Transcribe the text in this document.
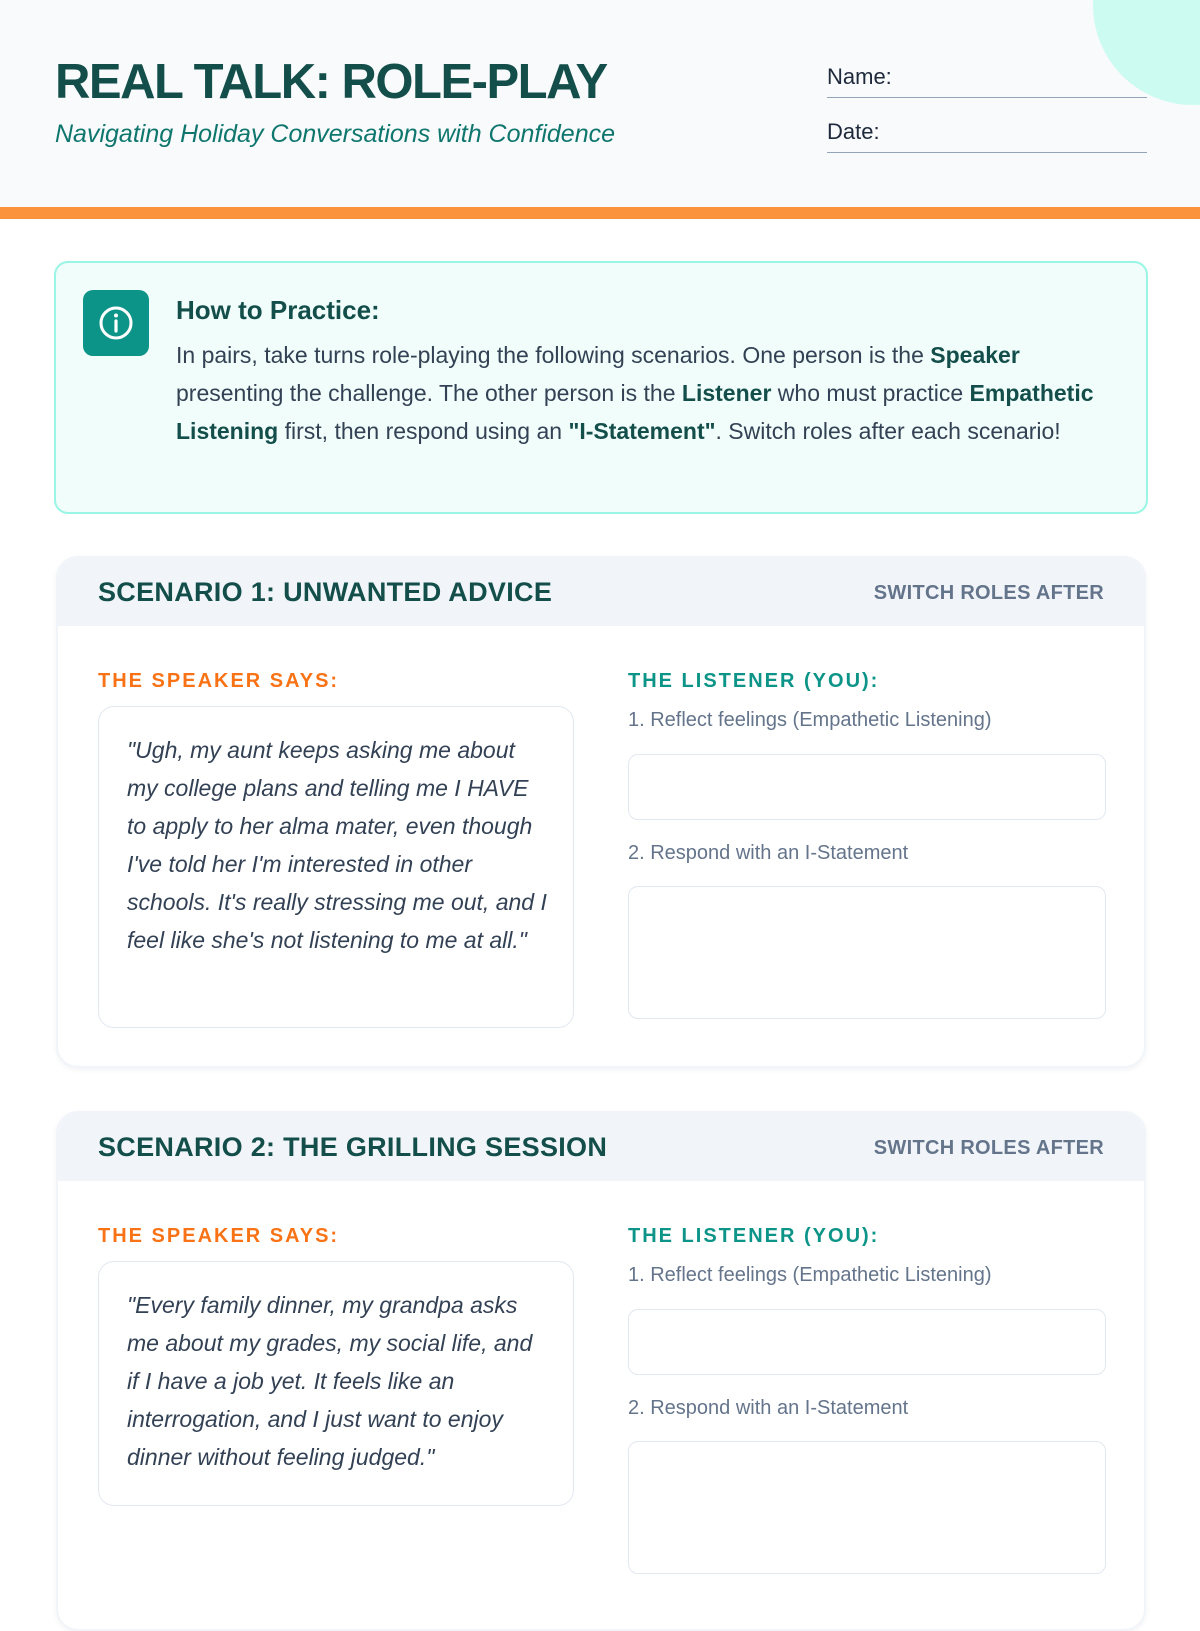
REAL TALK: ROLE-PLAY

Navigating Holiday Conversations with Confidence

Name:
Date:
How to Practice:

In pairs, take turns role-playing the following scenarios. One person is the Speaker presenting the challenge. The other person is the Listener who must practice Empathetic Listening first, then respond using an "I-Statement". Switch roles after each scenario!

SCENARIO 1: UNWANTED ADVICE	SWITCH ROLES AFTER
THE SPEAKER SAYS:

"Ugh, my aunt keeps asking me about my college plans and telling me I HAVE to apply to her alma mater, even though I've told her I'm interested in other schools. It's really stressing me out, and I feel like she's not listening to me at all."

THE LISTENER (YOU):
1. Reflect feelings (Empathetic Listening)
2. Respond with an I-Statement
SCENARIO 2: THE GRILLING SESSION	SWITCH ROLES AFTER
THE SPEAKER SAYS:

"Every family dinner, my grandpa asks me about my grades, my social life, and if I have a job yet. It feels like an interrogation, and I just want to enjoy dinner without feeling judged."

THE LISTENER (YOU):
1. Reflect feelings (Empathetic Listening)
2. Respond with an I-Statement
